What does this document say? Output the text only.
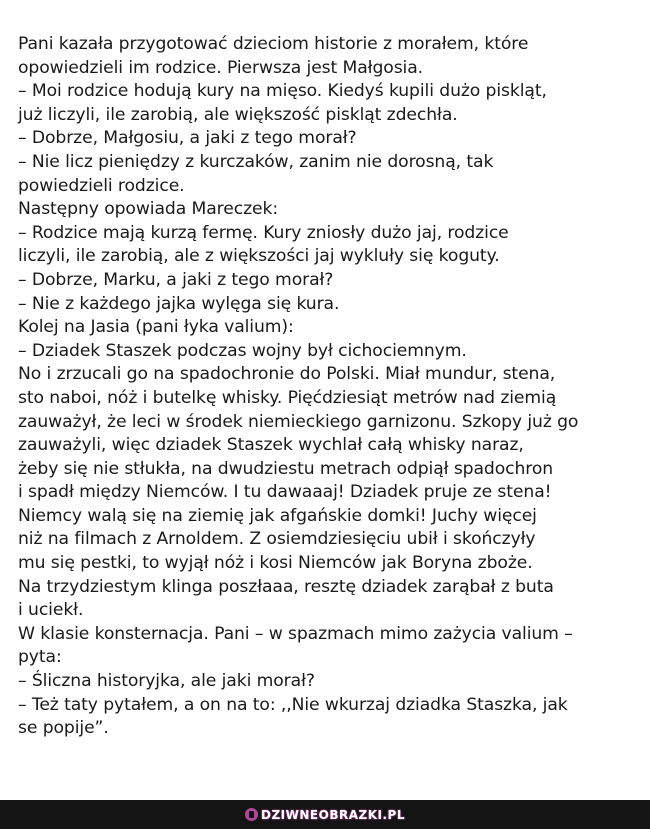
Pani kazała przygotować dzieciom historie z morałem, które
opowiedzieli im rodzice. Pierwsza jest Małgosia.
– Moi rodzice hodują kury na mięso. Kiedyś kupili dużo piskląt,
już liczyli, ile zarobią, ale większość piskląt zdechła.
– Dobrze, Małgosiu, a jaki z tego morał?
– Nie licz pieniędzy z kurczaków, zanim nie dorosną, tak
powiedzieli rodzice.
Następny opowiada Mareczek:
– Rodzice mają kurzą fermę. Kury zniosły dużo jaj, rodzice
liczyli, ile zarobią, ale z większości jaj wykluły się koguty.
– Dobrze, Marku, a jaki z tego morał?
– Nie z każdego jajka wylęga się kura.
Kolej na Jasia (pani łyka valium):
– Dziadek Staszek podczas wojny był cichociemnym.
No i zrzucali go na spadochronie do Polski. Miał mundur, stena,
sto naboi, nóż i butelkę whisky. Pięćdziesiąt metrów nad ziemią
zauważył, że leci w środek niemieckiego garnizonu. Szkopy już go
zauważyli, więc dziadek Staszek wychlał całą whisky naraz,
żeby się nie stłukła, na dwudziestu metrach odpiął spadochron
i spadł między Niemców. I tu dawaaaj! Dziadek pruje ze stena!
Niemcy walą się na ziemię jak afgańskie domki! Juchy więcej
niż na filmach z Arnoldem. Z osiemdziesięciu ubił i skończyły
mu się pestki, to wyjął nóż i kosi Niemców jak Boryna zboże.
Na trzydziestym klinga poszłaaa, resztę dziadek zarąbał z buta
i uciekł.
W klasie konsternacja. Pani – w spazmach mimo zażycia valium –
pyta:
– Śliczna historyjka, ale jaki morał?
– Też taty pytałem, a on na to: ,,Nie wkurzaj dziadka Staszka, jak
se popije”.
DZIWNEOBRAZKI.PL
